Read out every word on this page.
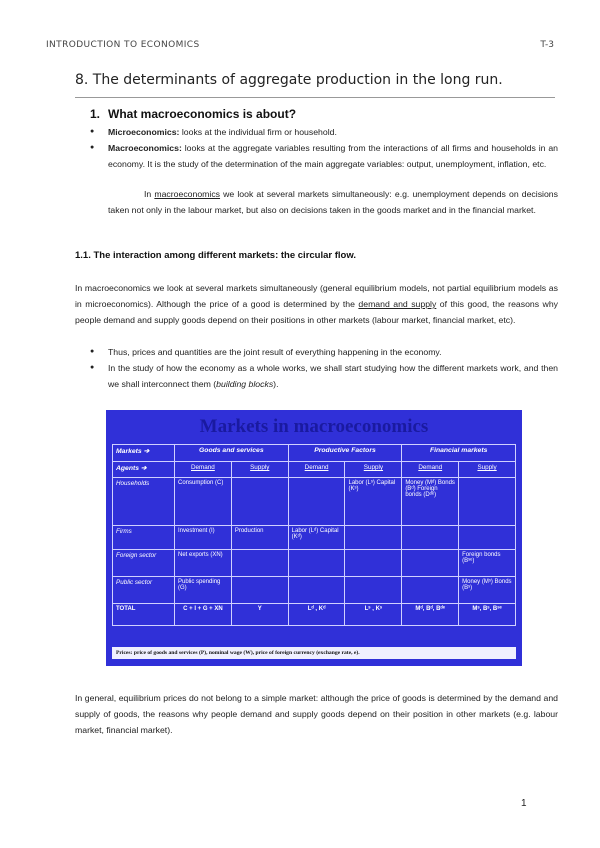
INTRODUCTION TO ECONOMICS	T-3
8. The determinants of aggregate production in the long run.
1. What macroeconomics is about?
● Microeconomics: looks at the individual firm or household.
● Macroeconomics: looks at the aggregate variables resulting from the interactions of all firms and households in an economy. It is the study of the determination of the main aggregate variables: output, unemployment, inflation, etc.
In macroeconomics we look at several markets simultaneously: e.g. unemployment depends on decisions taken not only in the labour market, but also on decisions taken in the goods market and in the financial market.
1.1. The interaction among different markets: the circular flow.
In macroeconomics we look at several markets simultaneously (general equilibrium models, not partial equilibrium models as in microeconomics). Although the price of a good is determined by the demand and supply of this good, the reasons why people demand and supply goods depend on their positions in other markets (labour market, financial market, etc).
● Thus, prices and quantities are the joint result of everything happening in the economy.
● In the study of how the economy as a whole works, we shall start studying how the different markets work, and then we shall interconnect them (building blocks).
Markets in macroeconomics
Markets ➔	Goods and services		Productive Factors		Financial markets	
Agents ➔	Demand	Supply	Demand	Supply	Demand	Supply
Households	Consumption (C)			Labor (Lˢ) Capital (Kˢ)	Money (Mᵈ) Bonds (Bᵈ) Foreign bonds (Dᵈᵉ)	
Firms	Investment (I)	Production	Labor (Lᵈ) Capital (Kᵈ)			
Foreign sector	Net exports (XN)					Foreign bonds (Bˢᵉ)
Public sector	Public spending (G)					Money (Mˢ) Bonds (Bˢ)
TOTAL	C + I + G + XN	Y	Lᵈ , Kᵈ	Lˢ , Kˢ	Mᵈ, Bᵈ, Bᵈᵉ	Mˢ, Bˢ, Bˢᵉ
Prices: price of goods and services (P), nominal wage (W), price of foreign currency (exchange rate, e).
In general, equilibrium prices do not belong to a simple market: although the price of goods is determined by the demand and supply of goods, the reasons why people demand and supply goods depend on their position in other markets (e.g. labour market, financial market).
1
